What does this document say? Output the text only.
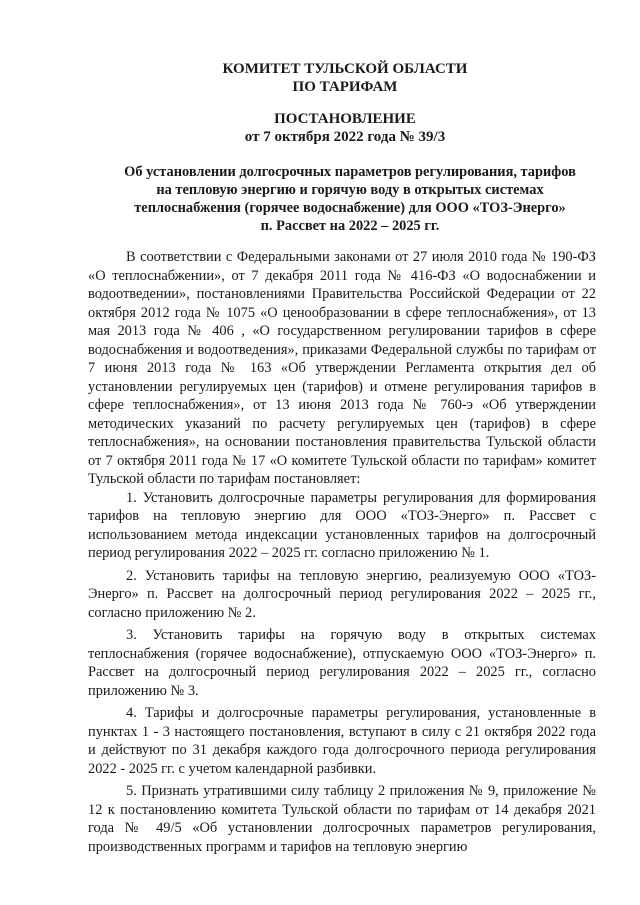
КОМИТЕТ ТУЛЬСКОЙ ОБЛАСТИ
ПО ТАРИФАМ
ПОСТАНОВЛЕНИЕ
от 7 октября 2022 года № 39/3
Об установлении долгосрочных параметров регулирования, тарифов
на тепловую энергию и горячую воду в открытых системах
теплоснабжения (горячее водоснабжение) для ООО «ТОЗ-Энерго»
п. Рассвет на 2022 – 2025 гг.

В соответствии с Федеральными законами от 27 июля 2010 года № 190-ФЗ «О теплоснабжении», от 7 декабря 2011 года № 416-ФЗ «О водоснабжении и водоотведении», постановлениями Правительства Российской Федерации от 22 октября 2012 года № 1075 «О ценообразовании в сфере теплоснабжения», от 13 мая 2013 года № 406 , «О государственном регулировании тарифов в сфере водоснабжения и водоотведения», приказами Федеральной службы по тарифам от 7 июня 2013 года № 163 «Об утверждении Регламента открытия дел об установлении регулируемых цен (тарифов) и отмене регулирования тарифов в сфере теплоснабжения», от 13 июня 2013 года № 760-э «Об утверждении методических указаний по расчету регулируемых цен (тарифов) в сфере теплоснабжения», на основании постановления правительства Тульской области от 7 октября 2011 года № 17 «О комитете Тульской области по тарифам» комитет Тульской области по тарифам постановляет:

1. Установить долгосрочные параметры регулирования для формирования тарифов на тепловую энергию для ООО «ТОЗ-Энерго» п. Рассвет с использованием метода индексации установленных тарифов на долгосрочный период регулирования 2022 – 2025 гг. согласно приложению № 1.

2. Установить тарифы на тепловую энергию, реализуемую ООО «ТОЗ-Энерго» п. Рассвет на долгосрочный период регулирования 2022 – 2025 гг., согласно приложению № 2.

3. Установить тарифы на горячую воду в открытых системах теплоснабжения (горячее водоснабжение), отпускаемую ООО «ТОЗ-Энерго» п. Рассвет на долгосрочный период регулирования 2022 – 2025 гг., согласно приложению № 3.

4. Тарифы и долгосрочные параметры регулирования, установленные в пунктах 1 - 3 настоящего постановления, вступают в силу с 21 октября 2022 года и действуют по 31 декабря каждого года долгосрочного периода регулирования 2022 - 2025 гг. с учетом календарной разбивки.

5. Признать утратившими силу таблицу 2 приложения № 9, приложение № 12 к постановлению комитета Тульской области по тарифам от 14 декабря 2021 года № 49/5 «Об установлении долгосрочных параметров регулирования, производственных программ и тарифов на тепловую энергию
